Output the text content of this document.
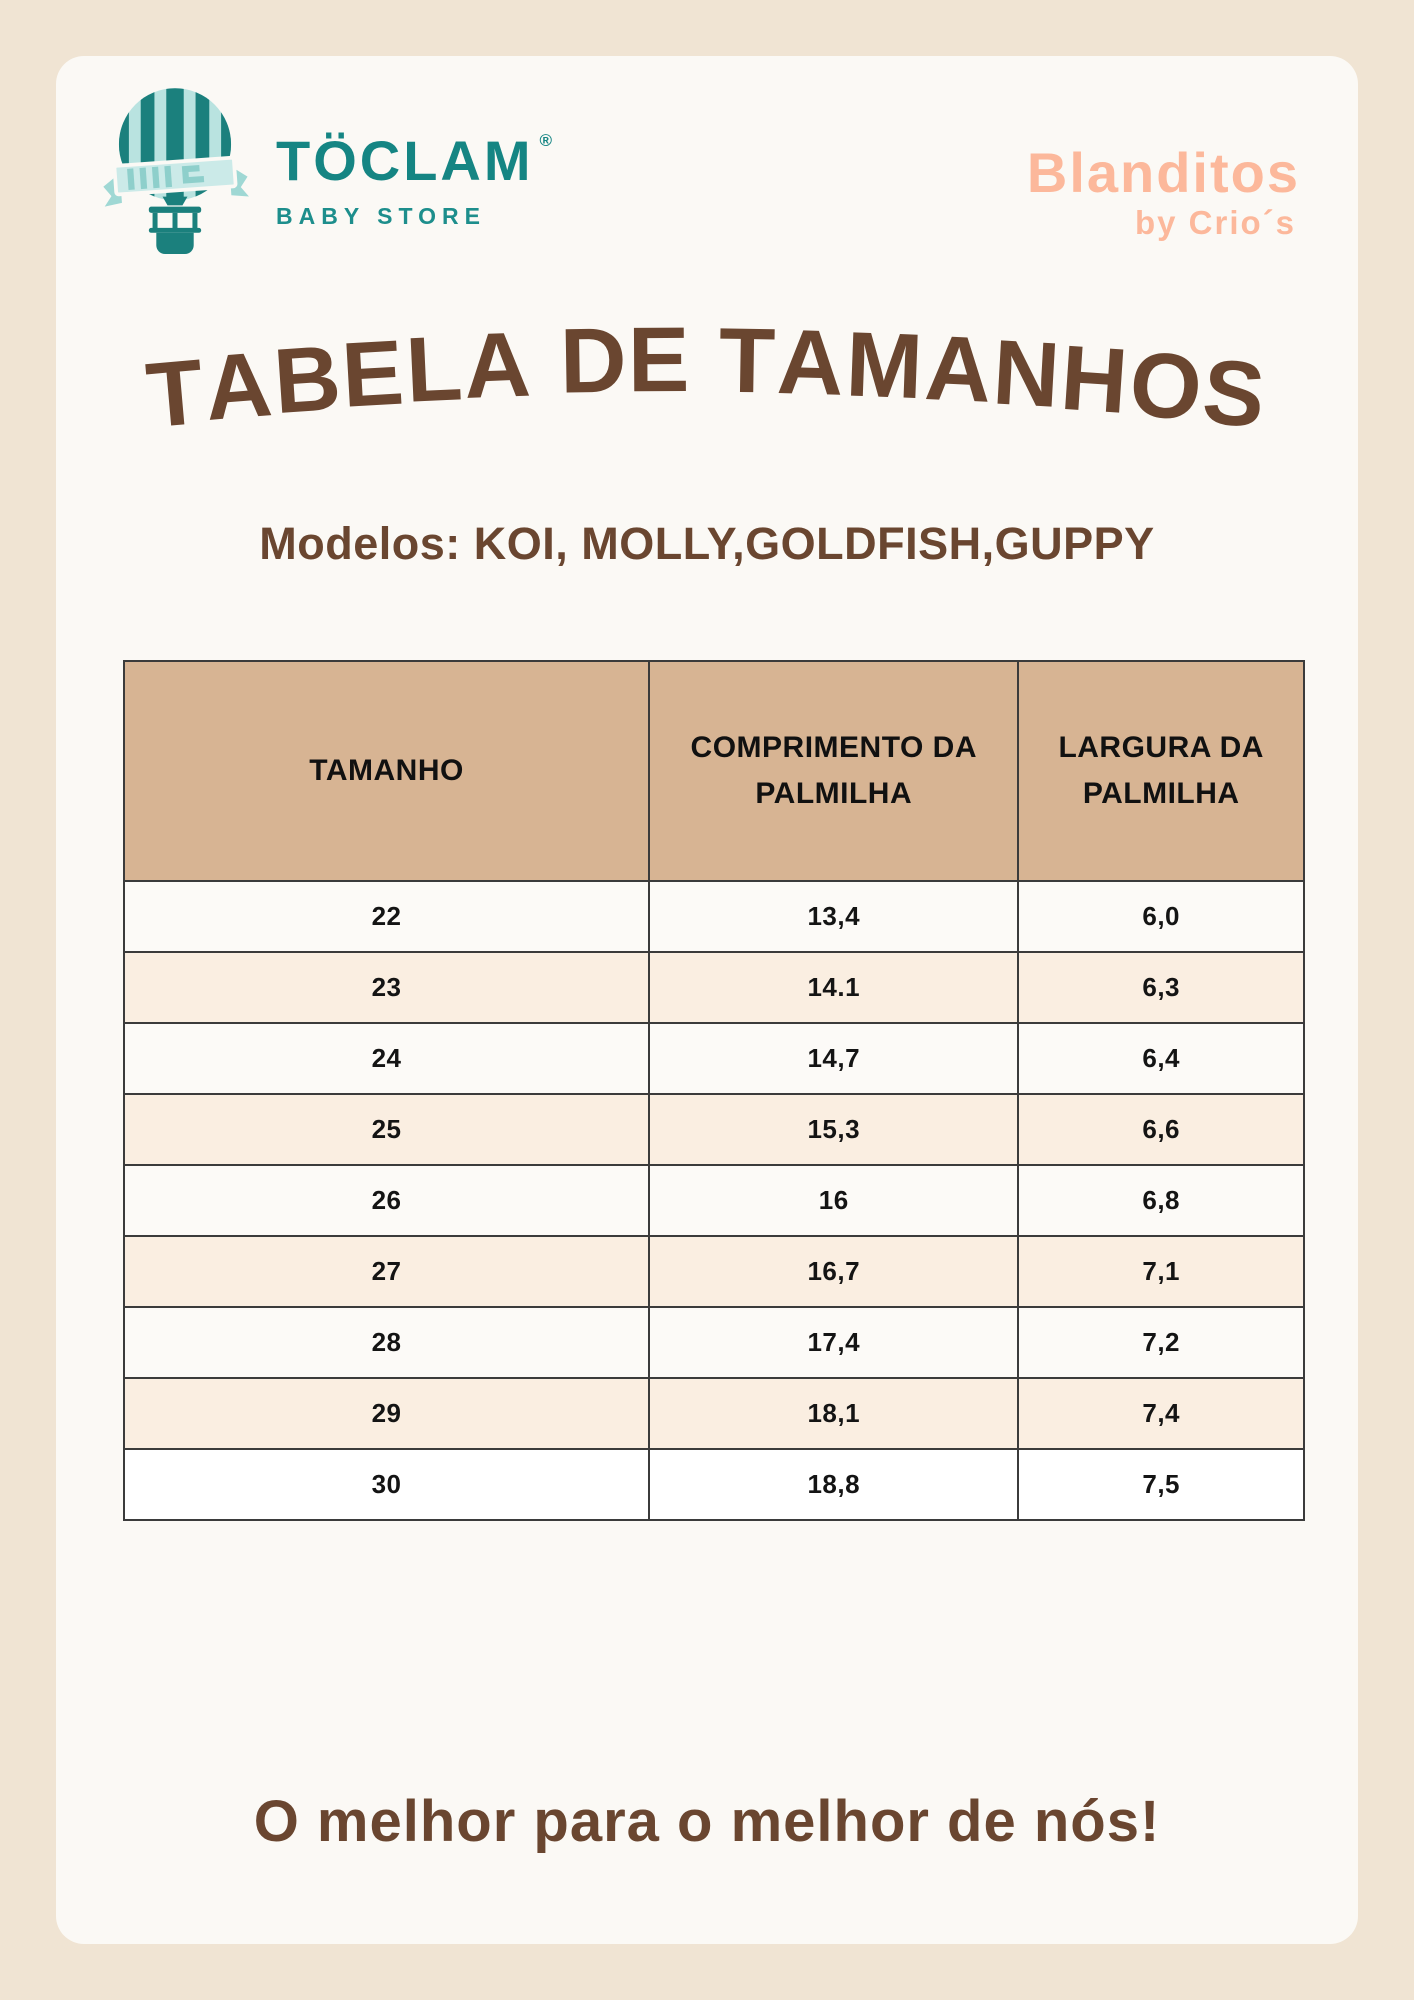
TÖCLAM ®
BABY STORE
Blanditos
by Crio´s
TABELA DE TAMANHOS
Modelos: KOI, MOLLY,GOLDFISH,GUPPY
TAMANHO	COMPRIMENTO DA PALMILHA	LARGURA DA PALMILHA
22	13,4	6,0
23	14.1	6,3
24	14,7	6,4
25	15,3	6,6
26	16	6,8
27	16,7	7,1
28	17,4	7,2
29	18,1	7,4
30	18,8	7,5
O melhor para o melhor de nós!
